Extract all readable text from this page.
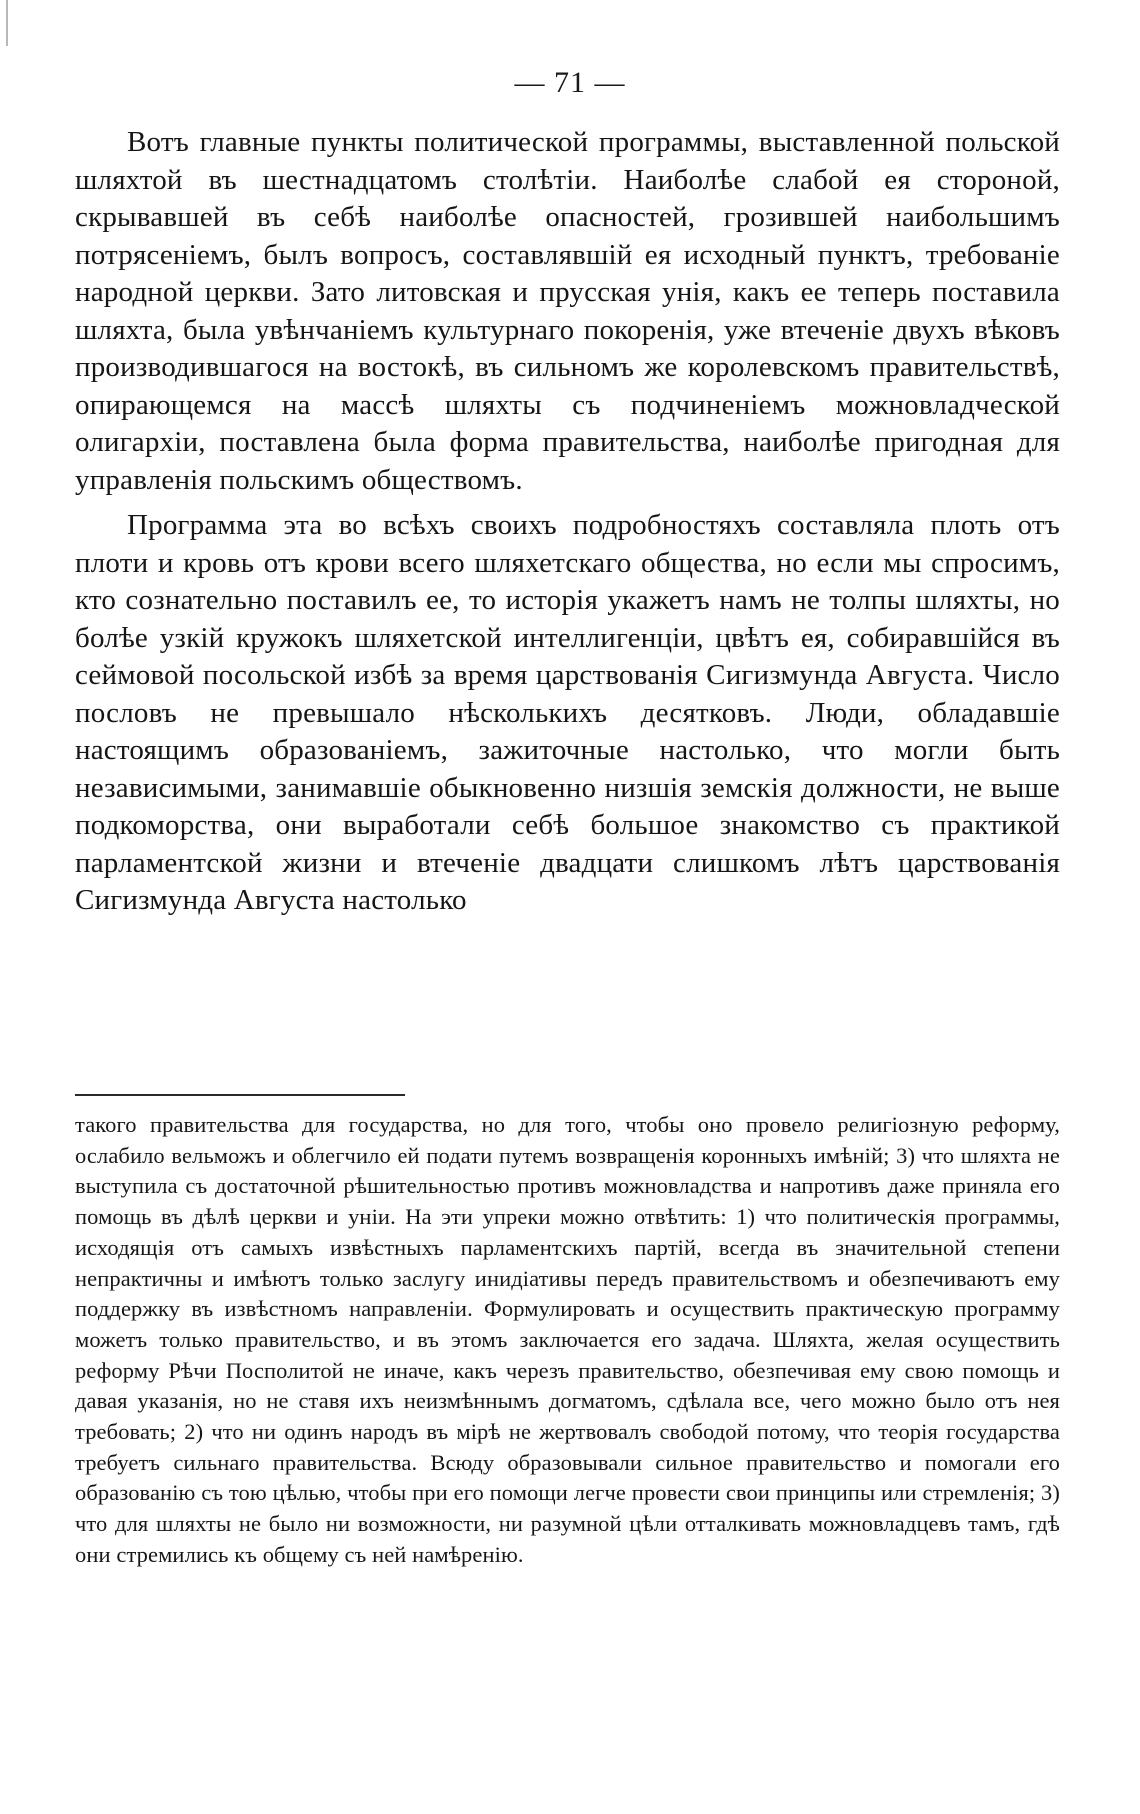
— 71 —

Вотъ главные пункты политической программы, выставленной польской шляхтой въ шестнадцатомъ столѣтіи. Наиболѣе слабой ея стороной, скрывавшей въ себѣ наиболѣе опасностей, грозившей наибольшимъ потрясеніемъ, былъ вопросъ, составлявшій ея исходный пунктъ, требованіе народной церкви. Зато литовская и прусская унія, какъ ее теперь поставила шляхта, была увѣнчаніемъ культурнаго покоренія, уже втеченіе двухъ вѣковъ производившагося на востокѣ, въ сильномъ же королевскомъ правительствѣ, опирающемся на массѣ шляхты съ подчиненіемъ можновладческой олигархіи, поставлена была форма правительства, наиболѣе пригодная для управленія польскимъ обществомъ.

Программа эта во всѣхъ своихъ подробностяхъ составляла плоть отъ плоти и кровь отъ крови всего шляхетскаго общества, но если мы спросимъ, кто сознательно поставилъ ее, то исторія укажетъ намъ не толпы шляхты, но болѣе узкій кружокъ шляхетской интеллигенціи, цвѣтъ ея, собиравшійся въ сеймовой посольской избѣ за время царствованія Сигизмунда Августа. Число пословъ не превышало нѣсколькихъ десятковъ. Люди, обладавшіе настоящимъ образованіемъ, зажиточные настолько, что могли быть независимыми, занимавшіе обыкновенно низшія земскія должности, не выше подкоморства, они выработали себѣ большое знакомство съ практикой парламентской жизни и втеченіе двадцати слишкомъ лѣтъ царствованія Сигизмунда Августа настолько

такого правительства для государства, но для того, чтобы оно провело религіозную реформу, ослабило вельможъ и облегчило ей подати путемъ возвращенія коронныхъ имѣній; 3) что шляхта не выступила съ достаточной рѣшительностью противъ можновладства и напротивъ даже приняла его помощь въ дѣлѣ церкви и уніи. На эти упреки можно отвѣтить: 1) что политическія программы, исходящія отъ самыхъ извѣстныхъ парламентскихъ партій, всегда въ значительной степени непрактичны и имѣютъ только заслугу инидіативы передъ правительствомъ и обезпечиваютъ ему поддержку въ извѣстномъ направленіи. Формулировать и осуществить практическую программу можетъ только правительство, и въ этомъ заключается его задача. Шляхта, желая осуществить реформу Рѣчи Посполитой не иначе, какъ черезъ правительство, обезпечивая ему свою помощь и давая указанія, но не ставя ихъ неизмѣннымъ догматомъ, сдѣлала все, чего можно было отъ нея требовать; 2) что ни одинъ народъ въ мірѣ не жертвовалъ свободой потому, что теорія государства требуетъ сильнаго правительства. Всюду образовывали сильное правительство и помогали его образованію съ тою цѣлью, чтобы при его помощи легче провести свои принципы или стремленія; 3) что для шляхты не было ни возможности, ни разумной цѣли отталкивать можновладцевъ тамъ, гдѣ они стремились къ общему съ ней намѣренію.
